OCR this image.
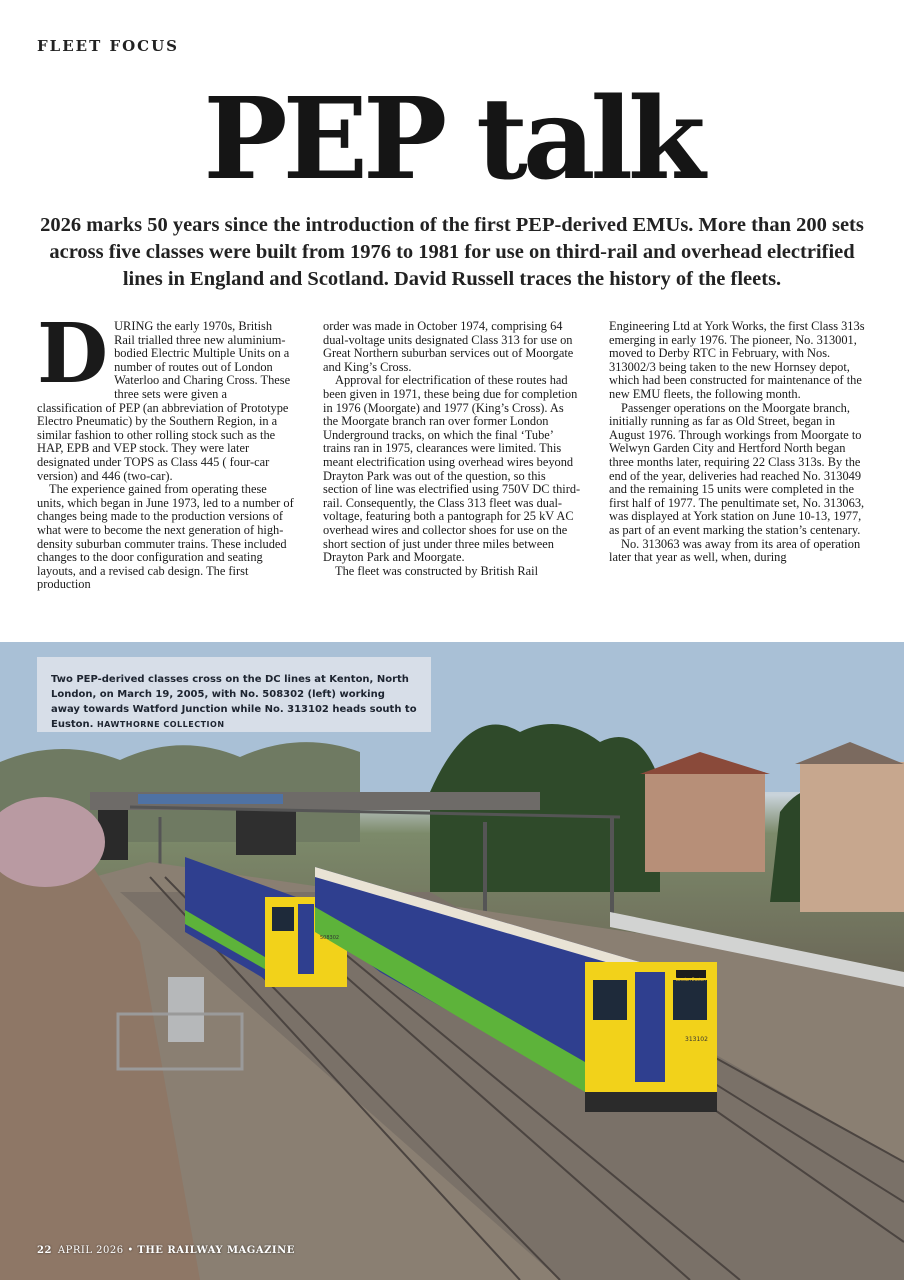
FLEET FOCUS
PEP talk

2026 marks 50 years since the introduction of the first PEP-derived EMUs. More than 200 sets across five classes were built from 1976 to 1981 for use on third-rail and overhead electrified lines in England and Scotland. David Russell traces the history of the fleets.

DURING the early 1970s, British Rail trialled three new aluminium-bodied Electric Multiple Units on a number of routes out of London Waterloo and Charing Cross. These three sets were given a classification of PEP (an abbreviation of Prototype Electro Pneumatic) by the Southern Region, in a similar fashion to other rolling stock such as the HAP, EPB and VEP stock. They were later designated under TOPS as Class 445 ( four-car version) and 446 (two-car).

The experience gained from operating these units, which began in June 1973, led to a number of changes being made to the production versions of what were to become the next generation of high-density suburban commuter trains. These included changes to the door configuration and seating layouts, and a revised cab design. The first production

order was made in October 1974, comprising 64 dual-voltage units designated Class 313 for use on Great Northern suburban services out of Moorgate and King’s Cross.

Approval for electrification of these routes had been given in 1971, these being due for completion in 1976 (Moorgate) and 1977 (King’s Cross). As the Moorgate branch ran over former London Underground tracks, on which the final ‘Tube’ trains ran in 1975, clearances were limited. This meant electrification using overhead wires beyond Drayton Park was out of the question, so this section of line was electrified using 750V DC third-rail. Consequently, the Class 313 fleet was dual-voltage, featuring both a pantograph for 25 kV AC overhead wires and collector shoes for use on the short section of just under three miles between Drayton Park and Moorgate.

The fleet was constructed by British Rail

Engineering Ltd at York Works, the first Class 313s emerging in early 1976. The pioneer, No. 313001, moved to Derby RTC in February, with Nos. 313002/3 being taken to the new Hornsey depot, which had been constructed for maintenance of the new EMU fleets, the following month.

Passenger operations on the Moorgate branch, initially running as far as Old Street, began in August 1976. Through workings from Moorgate to Welwyn Garden City and Hertford North began three months later, requiring 22 Class 313s. By the end of the year, deliveries had reached No. 313049 and the remaining 15 units were completed in the first half of 1977. The penultimate set, No. 313063, was displayed at York station on June 10-13, 1977, as part of an event marking the station’s centenary.

No. 313063 was away from its area of operation later that year as well, when, during

Two PEP-derived classes cross on the DC lines at Kenton, North London, on March 19, 2005, with No. 508302 (left) working away towards Watford Junction while No. 313102 heads south to Euston. HAWTHORNE COLLECTION
508302
313102
London Euston
22 APRIL 2026 • THE RAILWAY MAGAZINE
